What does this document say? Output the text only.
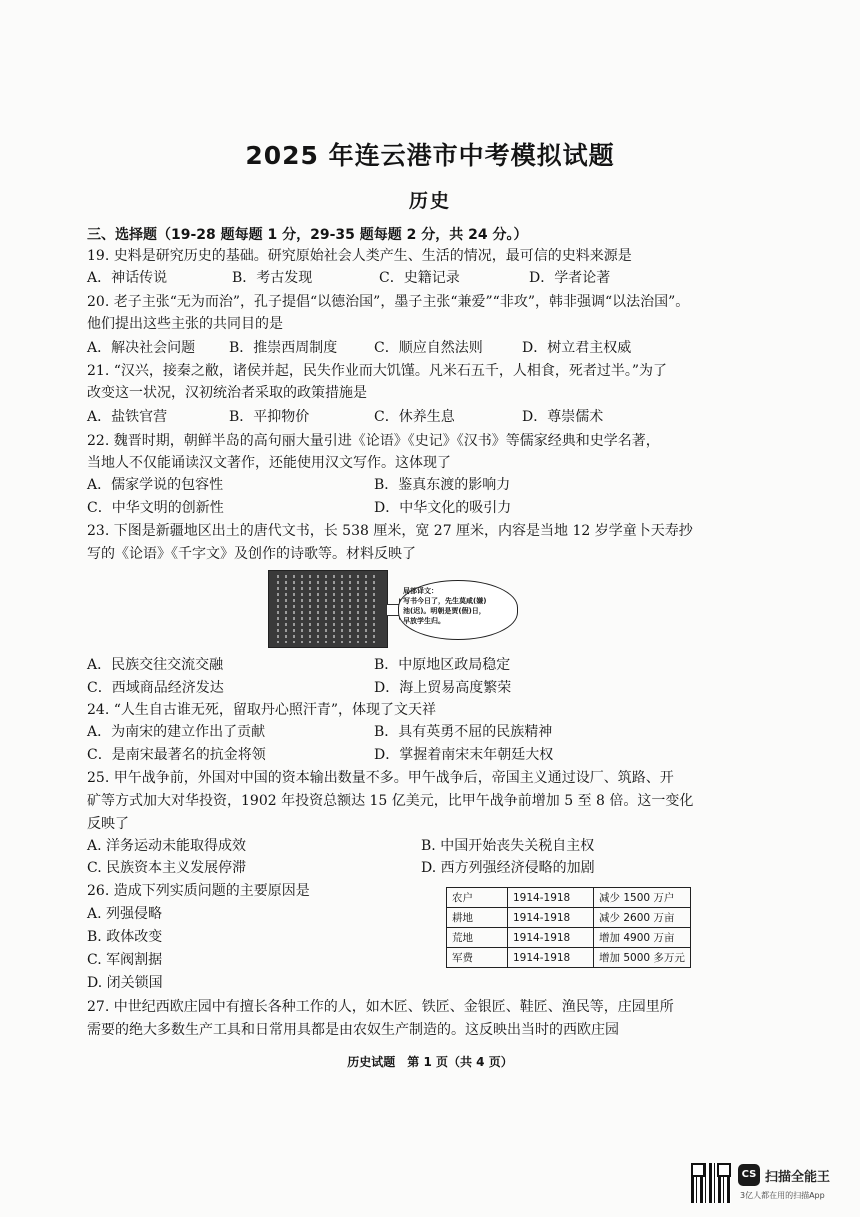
2025 年连云港市中考模拟试题
历史
三、选择题（19-28 题每题 1 分，29-35 题每题 2 分，共 24 分。）
19. 史料是研究历史的基础。研究原始社会人类产生、生活的情况，最可信的史料来源是
A．神话传说	B．考古发现	C．史籍记录	D．学者论著
20. 老子主张“无为而治”，孔子提倡“以德治国”，墨子主张“兼爱”“非攻”，韩非强调“以法治国”。
他们提出这些主张的共同目的是
A．解决社会问题 B．推崇西周制度	C．顺应自然法则	D．树立君主权威
21. “汉兴，接秦之敝，诸侯并起，民失作业而大饥馑。凡米石五千，人相食，死者过半。”为了
改变这一状况，汉初统治者采取的政策措施是
A．盐铁官营	B．平抑物价	C．休养生息	D．尊崇儒术
22. 魏晋时期，朝鲜半岛的高句丽大量引进《论语》《史记》《汉书》等儒家经典和史学名著，
当地人不仅能诵读汉文著作，还能使用汉文写作。这体现了
A．儒家学说的包容性	B．鉴真东渡的影响力
C．中华文明的创新性	D．中华文化的吸引力
23. 下图是新疆地区出土的唐代文书，长 538 厘米，宽 27 厘米，内容是当地 12 岁学童卜天寿抄
写的《论语》《千字文》及创作的诗歌等。材料反映了
局部译文：
写书今日了，先生莫咸(嫌)
池(迟)。明朝是贾(假)日，
早放学生归。
A．民族交往交流交融	B．中原地区政局稳定
C．西域商品经济发达	D．海上贸易高度繁荣
24. “人生自古谁无死，留取丹心照汗青”，体现了文天祥
A．为南宋的建立作出了贡献	B．具有英勇不屈的民族精神
C．是南宋最著名的抗金将领	D．掌握着南宋末年朝廷大权
25. 甲午战争前，外国对中国的资本输出数量不多。甲午战争后，帝国主义通过设厂、筑路、开
矿等方式加大对华投资，1902 年投资总额达 15 亿美元，比甲午战争前增加 5 至 8 倍。这一变化
反映了
A. 洋务运动未能取得成效	B. 中国开始丧失关税自主权
C. 民族资本主义发展停滞	D. 西方列强经济侵略的加剧
26. 造成下列实质问题的主要原因是
A. 列强侵略
B. 政体改变
C. 军阀割据
D. 闭关锁国
农户	1914-1918	减少 1500 万户
耕地	1914-1918	减少 2600 万亩
荒地	1914-1918	增加 4900 万亩
军费	1914-1918	增加 5000 多万元
27. 中世纪西欧庄园中有擅长各种工作的人，如木匠、铁匠、金银匠、鞋匠、渔民等，庄园里所
需要的绝大多数生产工具和日常用具都是由农奴生产制造的。这反映出当时的西欧庄园
历史试题　第 1 页（共 4 页）
CS 扫描全能王
3亿人都在用的扫描App
